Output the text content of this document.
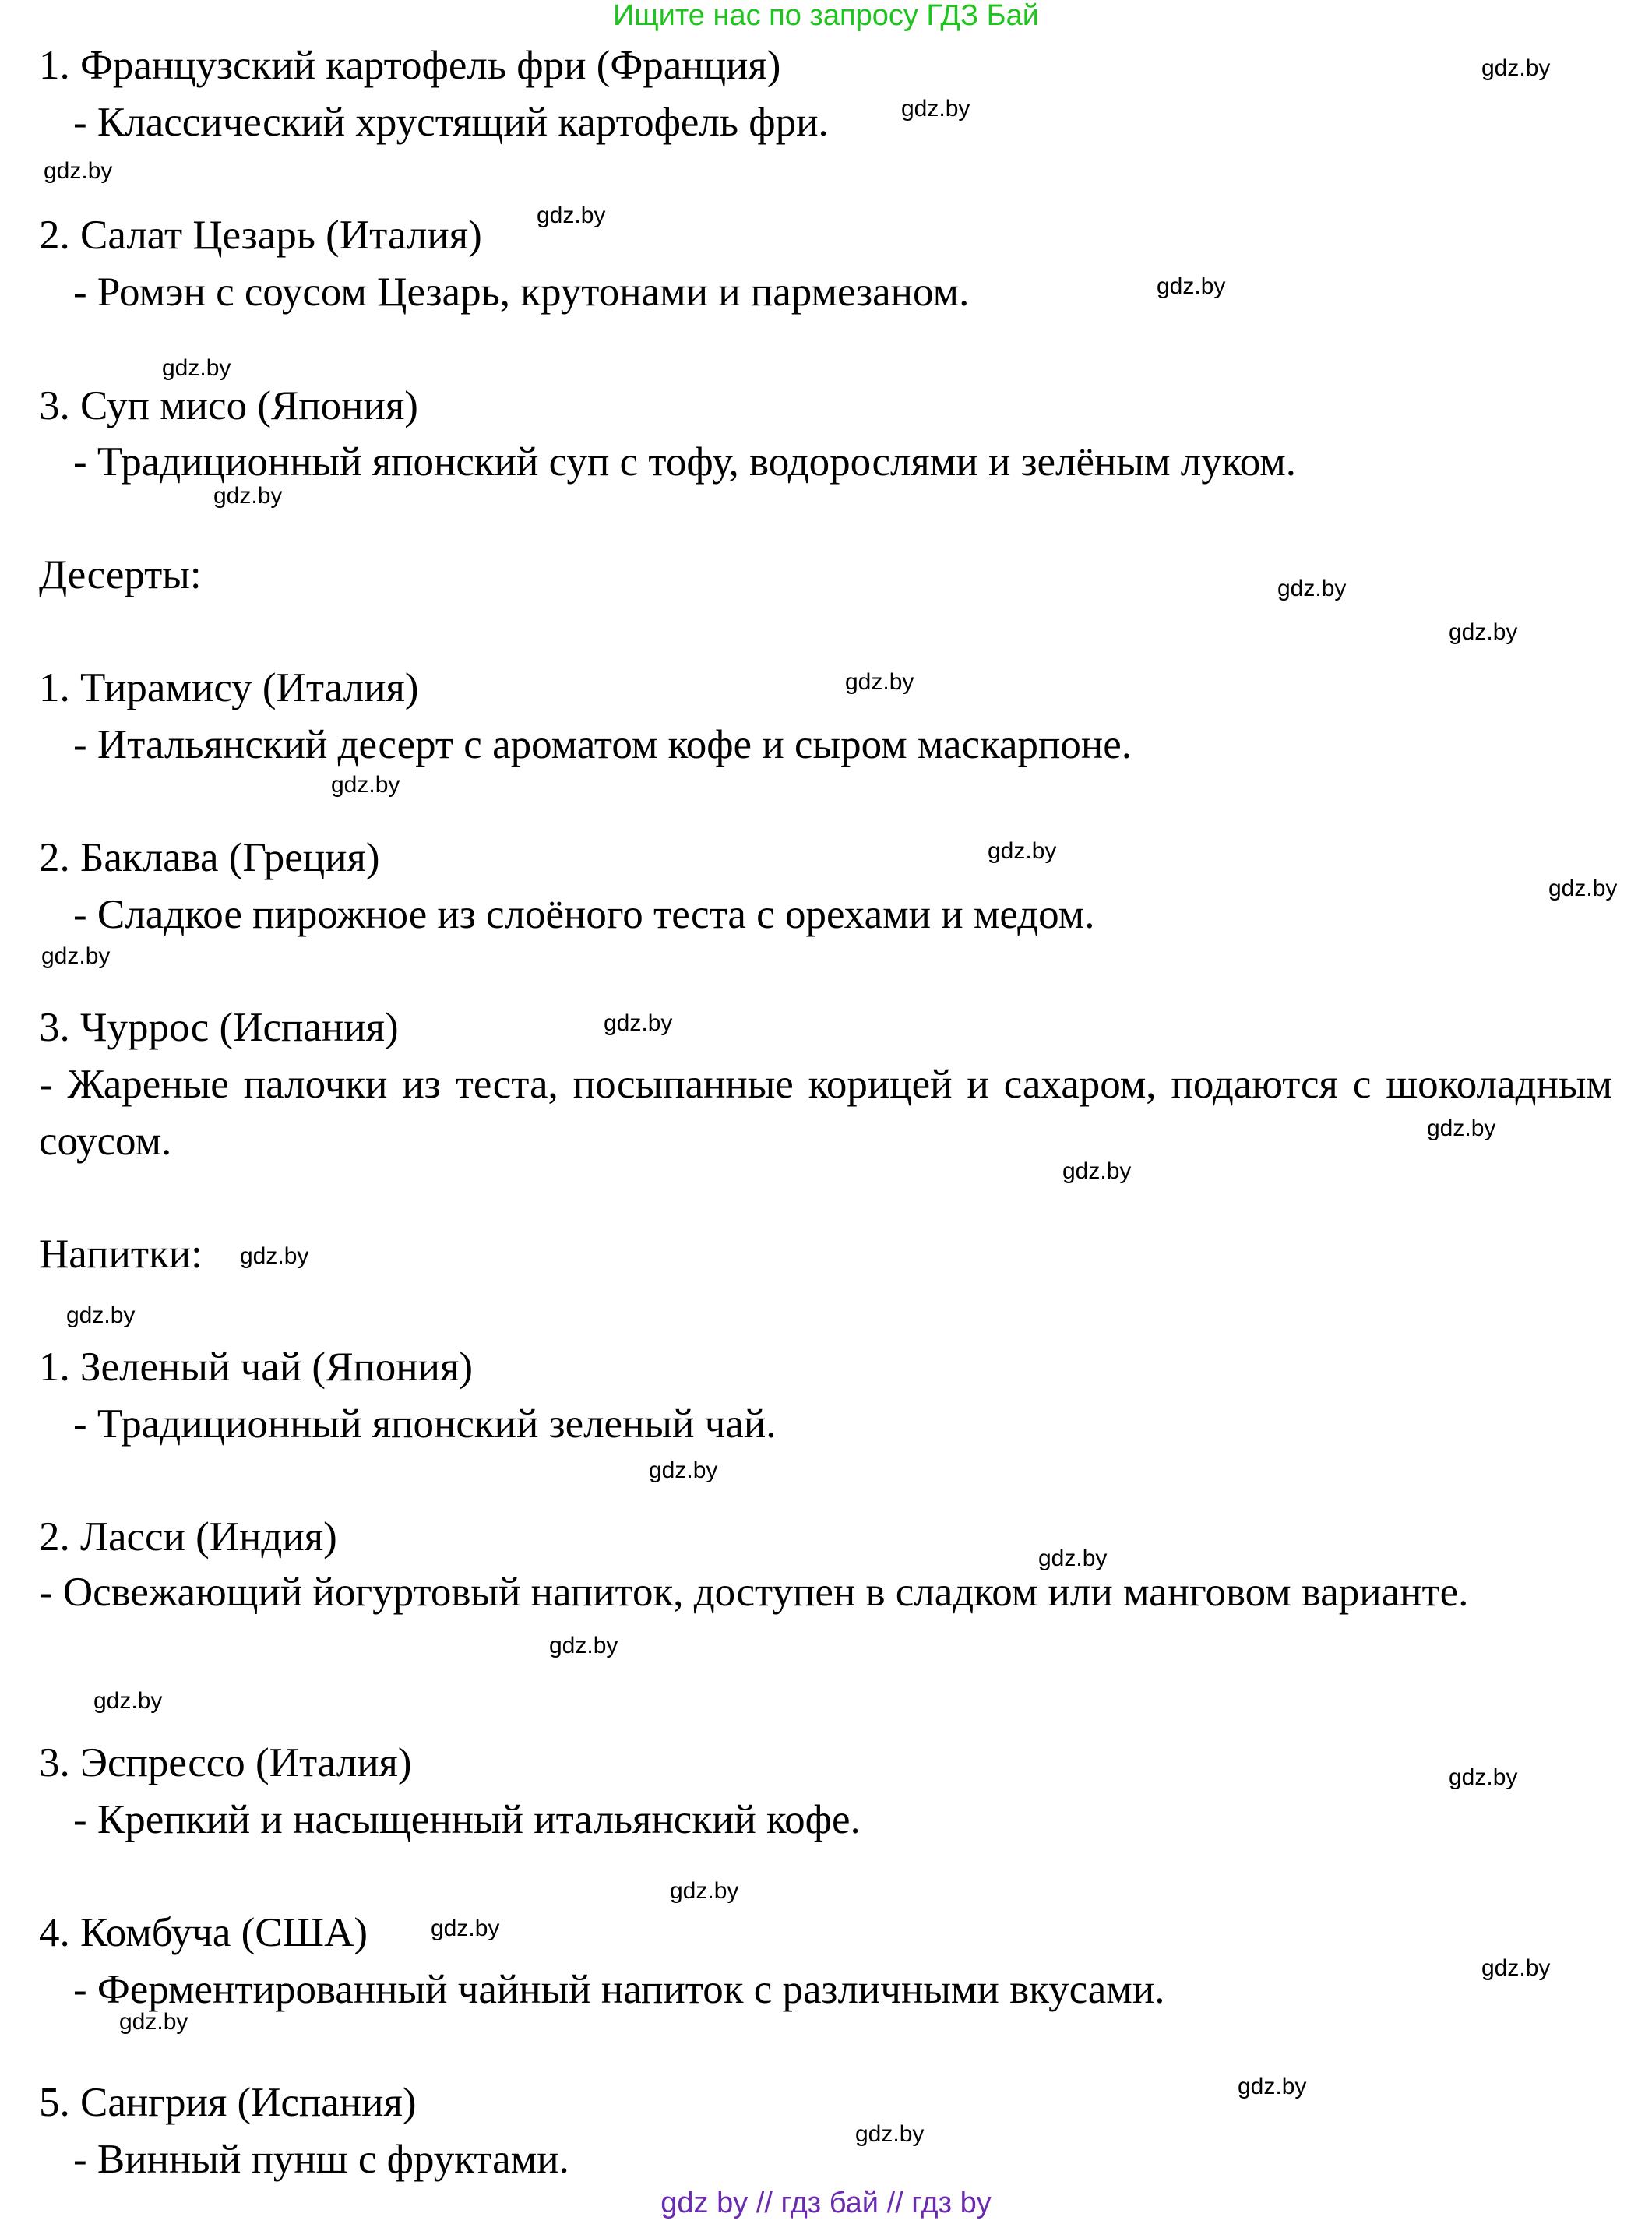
Ищите нас по запросу ГДЗ Бай
1. Французский картофель фри (Франция)
- Классический хрустящий картофель фри.
2. Салат Цезарь (Италия)
- Ромэн с соусом Цезарь, крутонами и пармезаном.
3. Суп мисо (Япония)
- Традиционный японский суп с тофу, водорослями и зелёным луком.
Десерты:
1. Тирамису (Италия)
- Итальянский десерт с ароматом кофе и сыром маскарпоне.
2. Баклава (Греция)
- Сладкое пирожное из слоёного теста с орехами и медом.
3. Чуррос (Испания)
- Жареные палочки из теста, посыпанные корицей и сахаром, подаются с шоколадным соусом.
Напитки:
1. Зеленый чай (Япония)
- Традиционный японский зеленый чай.
2. Ласси (Индия)
- Освежающий йогуртовый напиток, доступен в сладком или манговом варианте.
3. Эспрессо (Италия)
- Крепкий и насыщенный итальянский кофе.
4. Комбуча (США)
- Ферментированный чайный напиток с различными вкусами.
5. Сангрия (Испания)
- Винный пунш с фруктами.
gdz.by
gdz.by
gdz.by
gdz.by
gdz.by
gdz.by
gdz.by
gdz.by
gdz.by
gdz.by
gdz.by
gdz.by
gdz.by
gdz.by
gdz.by
gdz.by
gdz.by
gdz.by
gdz.by
gdz.by
gdz.by
gdz.by
gdz.by
gdz.by
gdz.by
gdz.by
gdz.by
gdz.by
gdz.by
gdz.by
gdz by // гдз бай // гдз by
